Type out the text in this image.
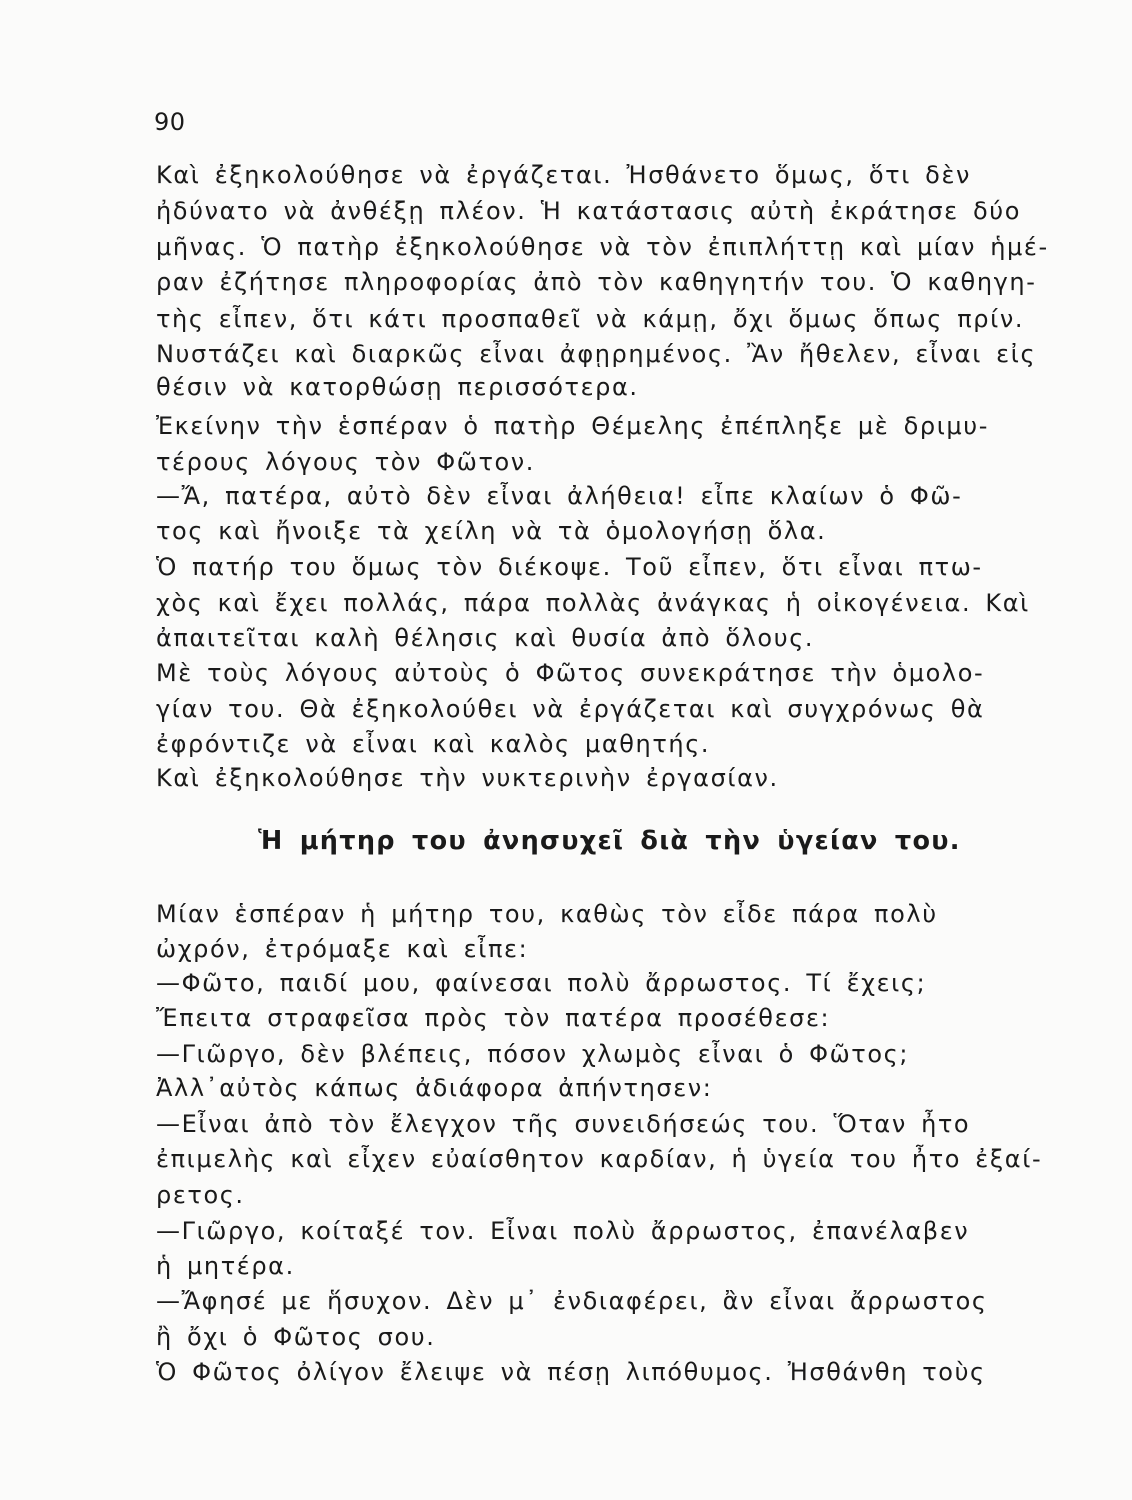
90

Καὶ ἐξηκολούθησε νὰ ἐργάζεται. Ἠσθάνετο ὅμως, ὅτι δὲν

ἠδύνατο νὰ ἀνθέξῃ πλέον. Ἡ κατάστασις αὐτὴ ἐκράτησε δύο

μῆνας. Ὁ πατὴρ ἐξηκολούθησε νὰ τὸν ἐπιπλήττῃ καὶ μίαν ἡμέ-

ραν ἐζήτησε πληροφορίας ἀπὸ τὸν καθηγητήν του. Ὁ καθηγη-

τὴς εἶπεν, ὅτι κάτι προσπαθεῖ νὰ κάμῃ, ὄχι ὅμως ὅπως πρίν.

Νυστάζει καὶ διαρκῶς εἶναι ἀφῃρημένος. Ἂν ἤθελεν, εἶναι εἰς

θέσιν νὰ κατορθώσῃ περισσότερα.

Ἐκείνην τὴν ἑσπέραν ὁ πατὴρ Θέμελης ἐπέπληξε μὲ δριμυ-

τέρους λόγους τὸν Φῶτον.

—Ἄ, πατέρα, αὐτὸ δὲν εἶναι ἀλήθεια! εἶπε κλαίων ὁ Φῶ-

τος καὶ ἤνοιξε τὰ χείλη νὰ τὰ ὁμολογήσῃ ὅλα.

Ὁ πατήρ του ὅμως τὸν διέκοψε. Τοῦ εἶπεν, ὅτι εἶναι πτω-

χὸς καὶ ἔχει πολλάς, πάρα πολλὰς ἀνάγκας ἡ οἰκογένεια. Καὶ

ἀπαιτεῖται καλὴ θέλησις καὶ θυσία ἀπὸ ὅλους.

Μὲ τοὺς λόγους αὐτοὺς ὁ Φῶτος συνεκράτησε τὴν ὁμολο-

γίαν του. Θὰ ἐξηκολούθει νὰ ἐργάζεται καὶ συγχρόνως θὰ

ἐφρόντιζε νὰ εἶναι καὶ καλὸς μαθητής.

Καὶ ἐξηκολούθησε τὴν νυκτερινὴν ἐργασίαν.

Ἡ μήτηρ του ἀνησυχεῖ διὰ τὴν ὑγείαν του.

Μίαν ἑσπέραν ἡ μήτηρ του, καθὼς τὸν εἶδε πάρα πολὺ

ὠχρόν, ἐτρόμαξε καὶ εἶπε:

—Φῶτο, παιδί μου, φαίνεσαι πολὺ ἄρρωστος. Τί ἔχεις;

Ἔπειτα στραφεῖσα πρὸς τὸν πατέρα προσέθεσε:

—Γιῶργο, δὲν βλέπεις, πόσον χλωμὸς εἶναι ὁ Φῶτος;

Ἀλλ᾿αὐτὸς κάπως ἀδιάφορα ἀπήντησεν:

—Εἶναι ἀπὸ τὸν ἔλεγχον τῆς συνειδήσεώς του. Ὅταν ἦτο

ἐπιμελὴς καὶ εἶχεν εὐαίσθητον καρδίαν, ἡ ὑγεία του ἦτο ἐξαί-

ρετος.

—Γιῶργο, κοίταξέ τον. Εἶναι πολὺ ἄρρωστος, ἐπανέλαβεν

ἡ μητέρα.

—Ἄφησέ με ἥσυχον. Δὲν μ᾿ ἐνδιαφέρει, ἂν εἶναι ἄρρωστος

ἢ ὄχι ὁ Φῶτος σου.

Ὁ Φῶτος ὀλίγον ἔλειψε νὰ πέσῃ λιπόθυμος. Ἠσθάνθη τοὺς
